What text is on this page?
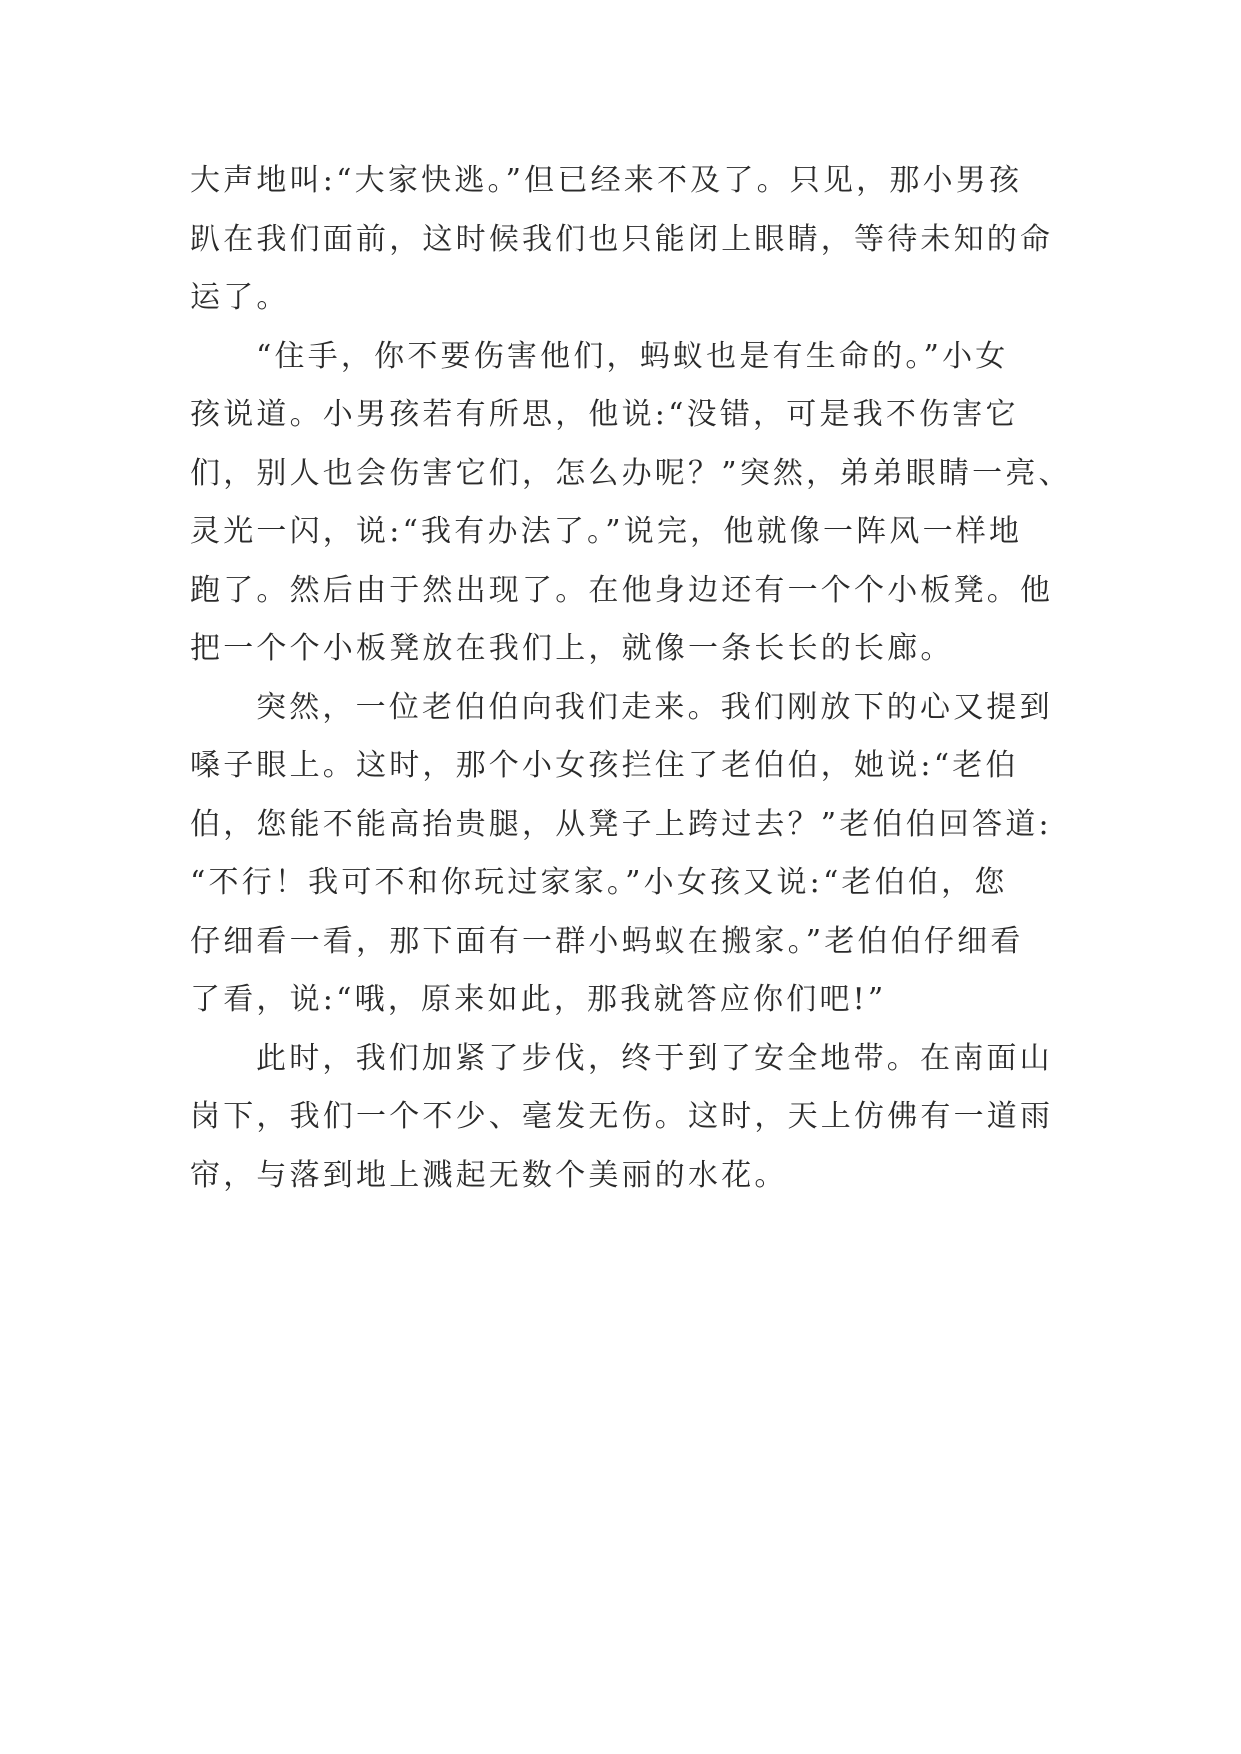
大声地叫:“大家快逃。”但已经来不及了。只见，那小男孩
趴在我们面前，这时候我们也只能闭上眼睛，等待未知的命
运了。
“住手，你不要伤害他们，蚂蚁也是有生命的。”小女
孩说道。小男孩若有所思，他说:“没错，可是我不伤害它
们，别人也会伤害它们，怎么办呢？”突然，弟弟眼睛一亮、
灵光一闪，说:“我有办法了。”说完，他就像一阵风一样地
跑了。然后由于然出现了。在他身边还有一个个小板凳。他
把一个个小板凳放在我们上，就像一条长长的长廊。
突然，一位老伯伯向我们走来。我们刚放下的心又提到
嗓子眼上。这时，那个小女孩拦住了老伯伯，她说:“老伯
伯，您能不能高抬贵腿，从凳子上跨过去？”老伯伯回答道:
“不行！我可不和你玩过家家。”小女孩又说:“老伯伯，您
仔细看一看，那下面有一群小蚂蚁在搬家。”老伯伯仔细看
了看，说:“哦，原来如此，那我就答应你们吧!”
此时，我们加紧了步伐，终于到了安全地带。在南面山
岗下，我们一个不少、毫发无伤。这时，天上仿佛有一道雨
帘，与落到地上溅起无数个美丽的水花。
